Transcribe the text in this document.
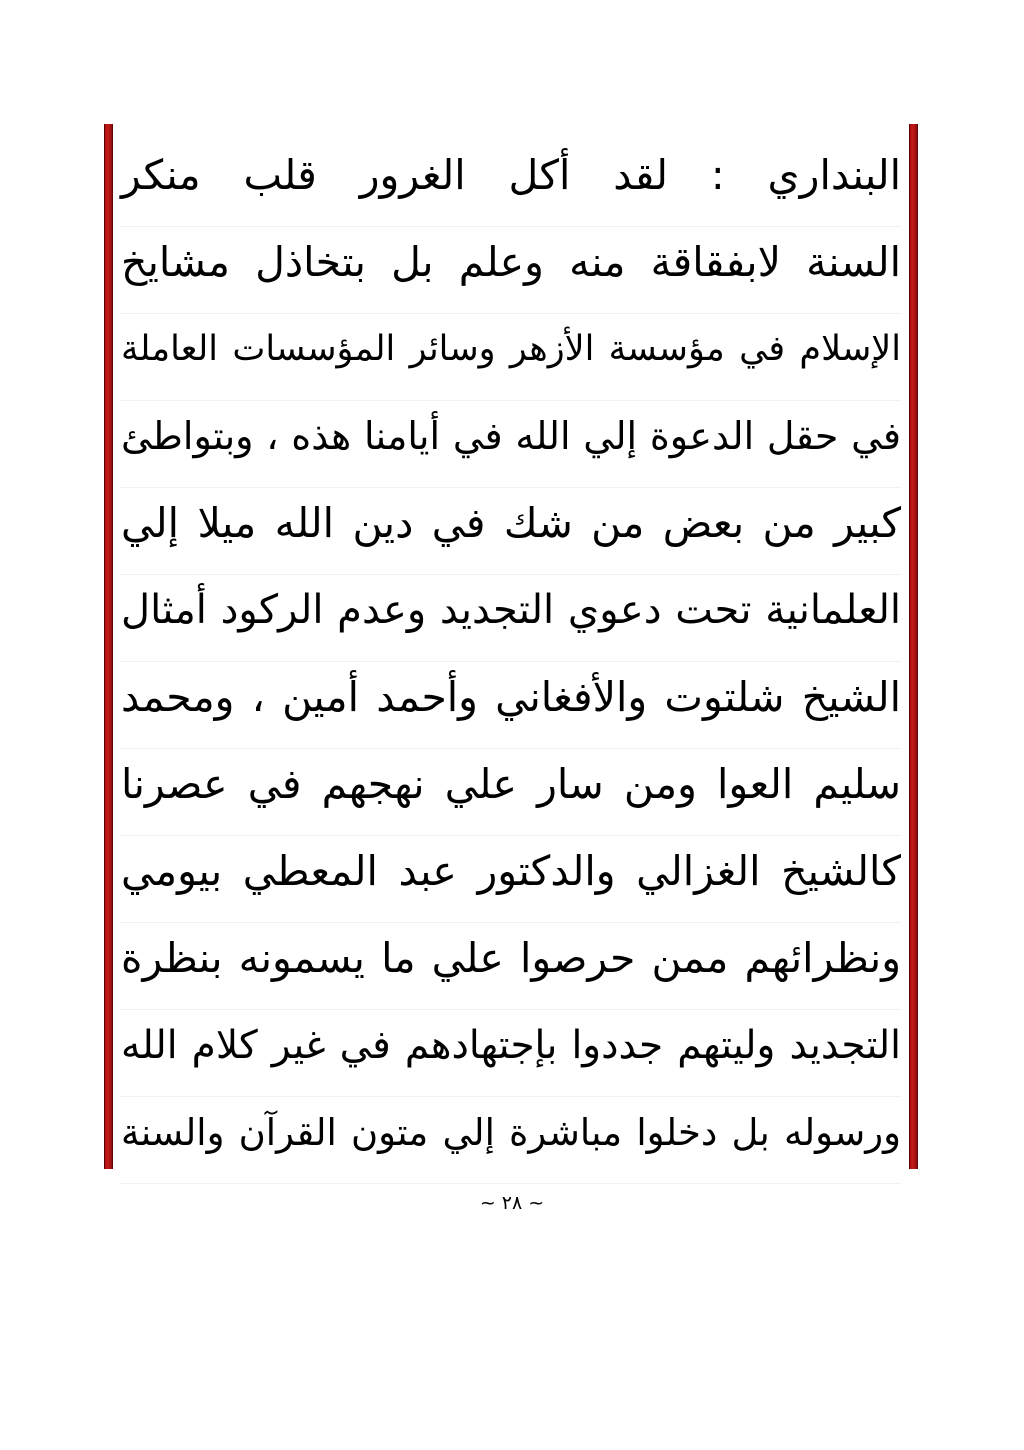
البنداري : لقد أكل الغرور قلب منكر
السنة لابفقاقة منه وعلم بل بتخاذل مشايخ
الإسلام في مؤسسة الأزهر وسائر المؤسسات العاملة
في حقل الدعوة إلي الله في أيامنا هذه ، وبتواطئ
كبير من بعض من شك في دين الله ميلا إلي
العلمانية تحت دعوي التجديد وعدم الركود أمثال
الشيخ شلتوت والأفغاني وأحمد أمين ، ومحمد
سليم العوا ومن سار علي نهجهم في عصرنا
كالشيخ الغزالي والدكتور عبد المعطي بيومي
ونظرائهم ممن حرصوا علي ما يسمونه بنظرة
التجديد وليتهم جددوا بإجتهادهم في غير كلام الله
ورسوله بل دخلوا مباشرة إلي متون القرآن والسنة
~ ٢٨ ~
